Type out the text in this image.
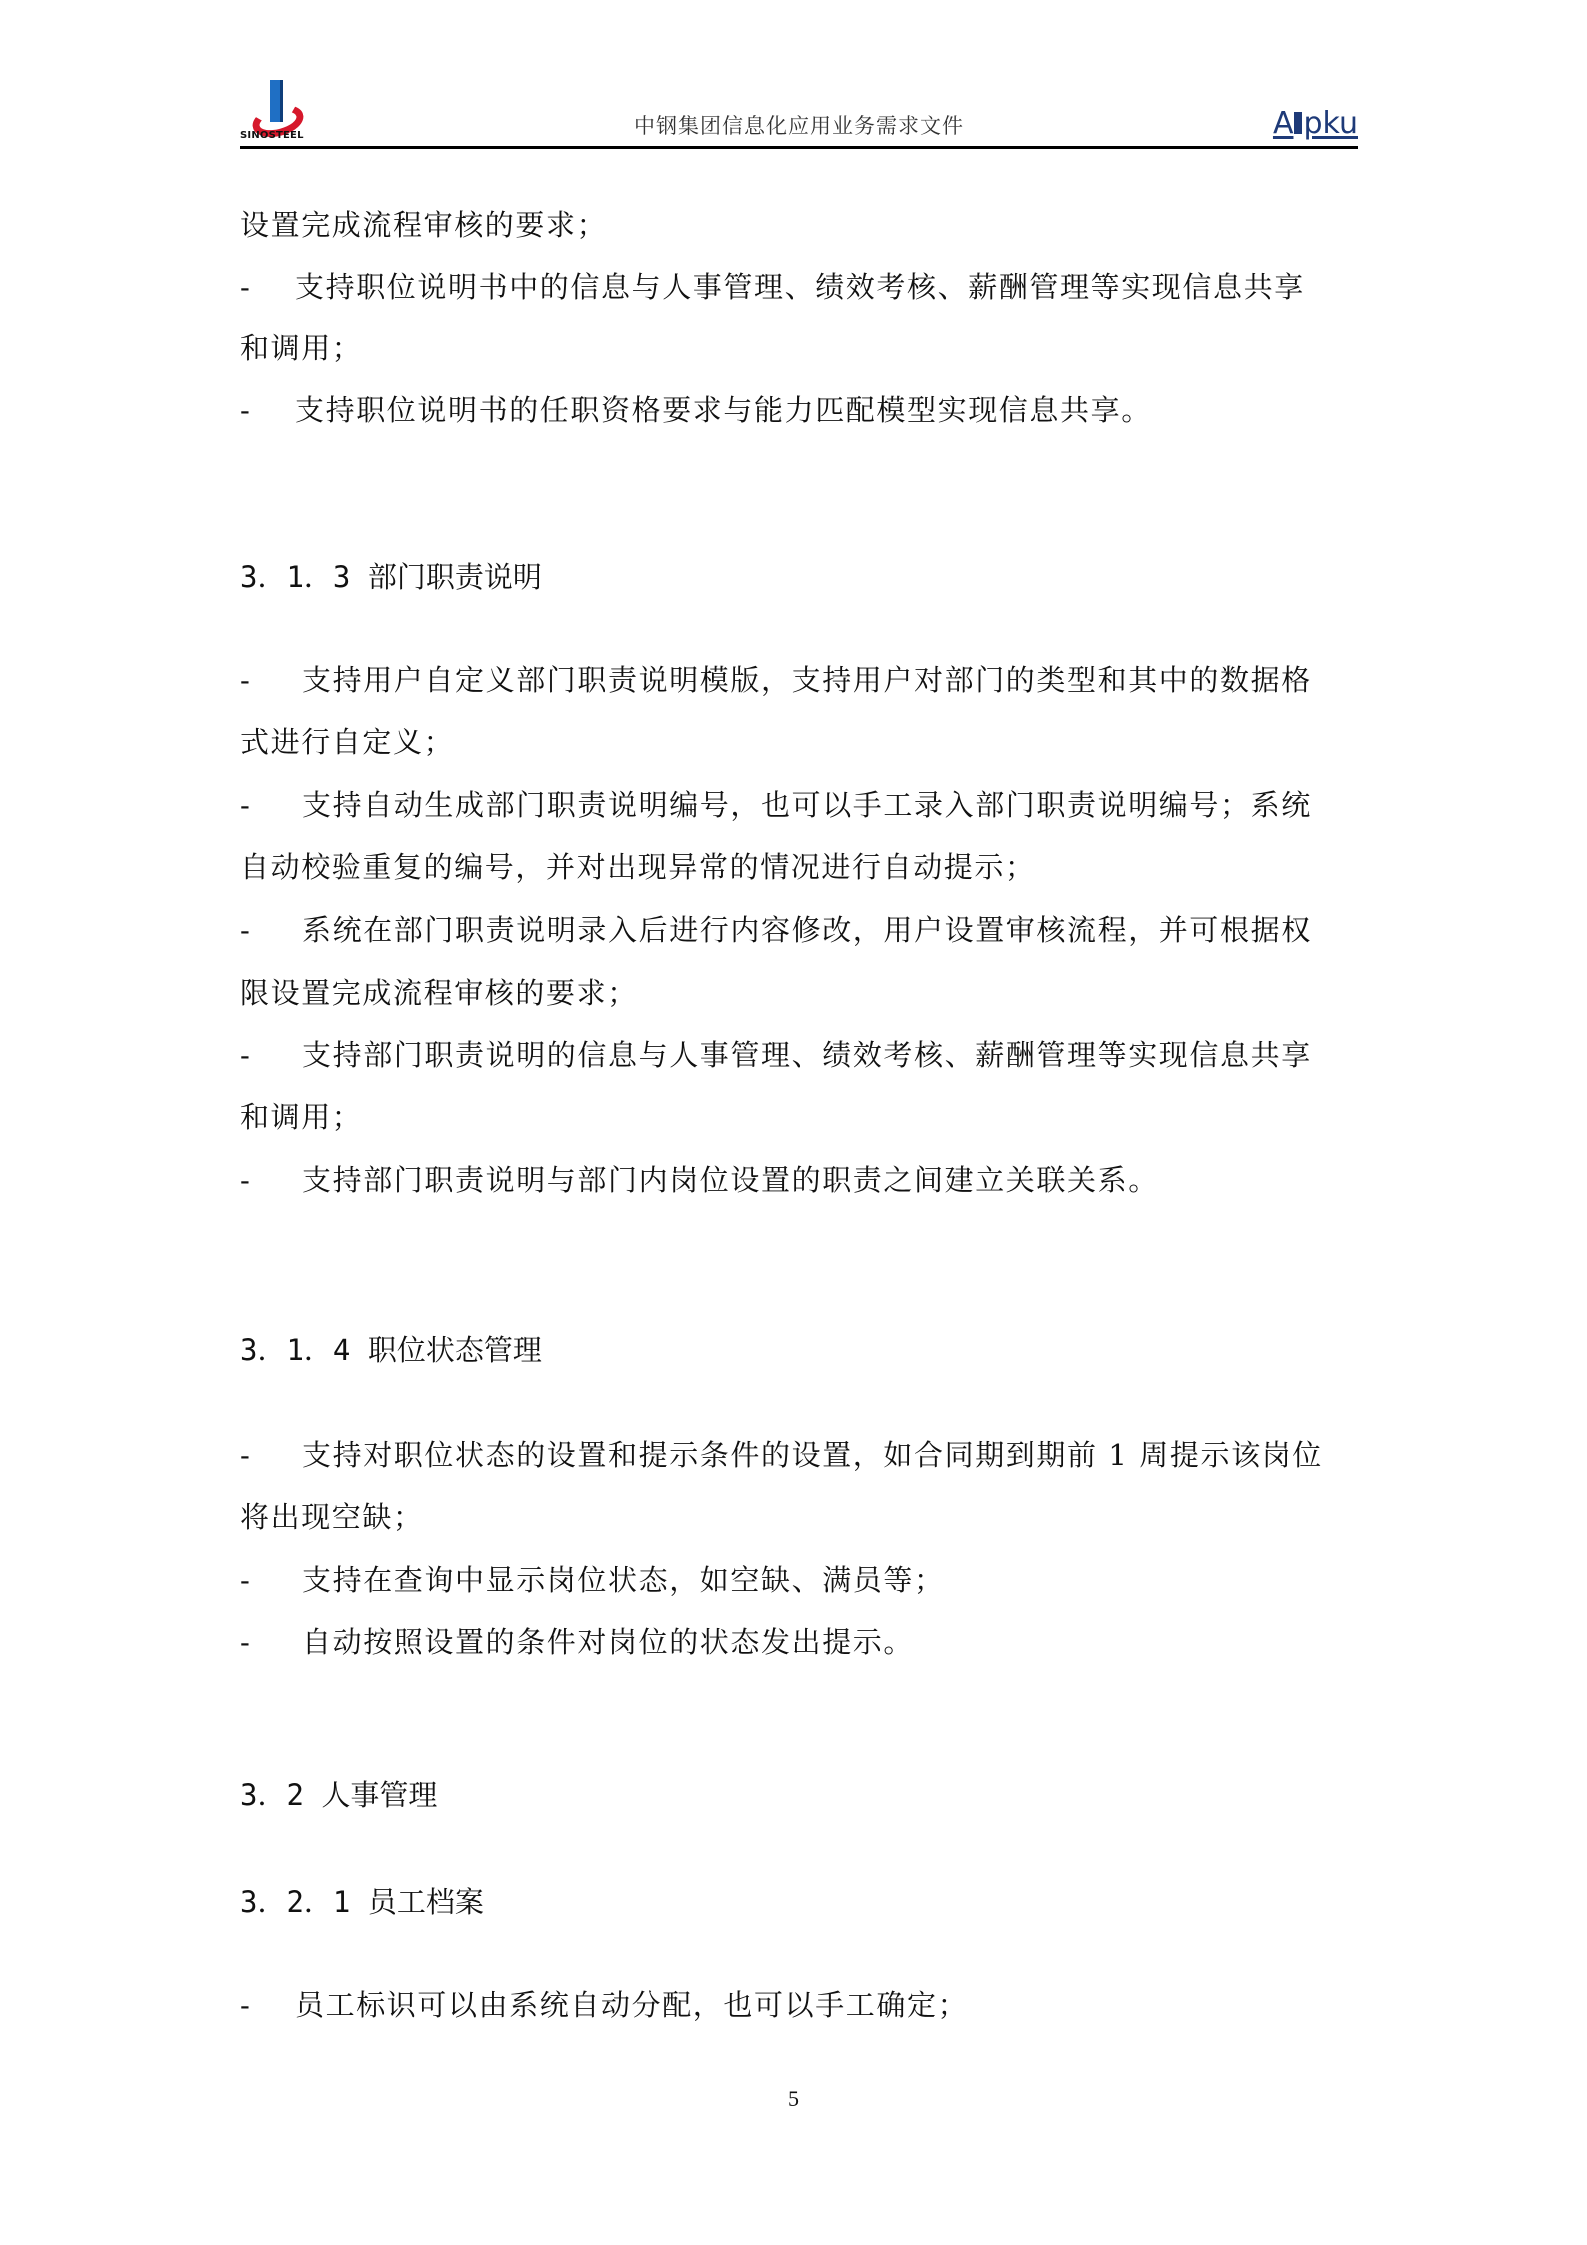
SINOSTEEL	中钢集团信息化应用业务需求文件	A pku
设置完成流程审核的要求；
- 支持职位说明书中的信息与人事管理、绩效考核、薪酬管理等实现信息共享
和调用；
- 支持职位说明书的任职资格要求与能力匹配模型实现信息共享。
3．1．3 部门职责说明
- 支持用户自定义部门职责说明模版，支持用户对部门的类型和其中的数据格
式进行自定义；
- 支持自动生成部门职责说明编号，也可以手工录入部门职责说明编号；系统
自动校验重复的编号，并对出现异常的情况进行自动提示；
- 系统在部门职责说明录入后进行内容修改，用户设置审核流程，并可根据权
限设置完成流程审核的要求；
- 支持部门职责说明的信息与人事管理、绩效考核、薪酬管理等实现信息共享
和调用；
- 支持部门职责说明与部门内岗位设置的职责之间建立关联关系。
3．1．4 职位状态管理
- 支持对职位状态的设置和提示条件的设置，如合同期到期前 1 周提示该岗位
将出现空缺；
- 支持在查询中显示岗位状态，如空缺、满员等；
- 自动按照设置的条件对岗位的状态发出提示。
3．2 人事管理
3．2．1 员工档案
- 员工标识可以由系统自动分配，也可以手工确定；
5
